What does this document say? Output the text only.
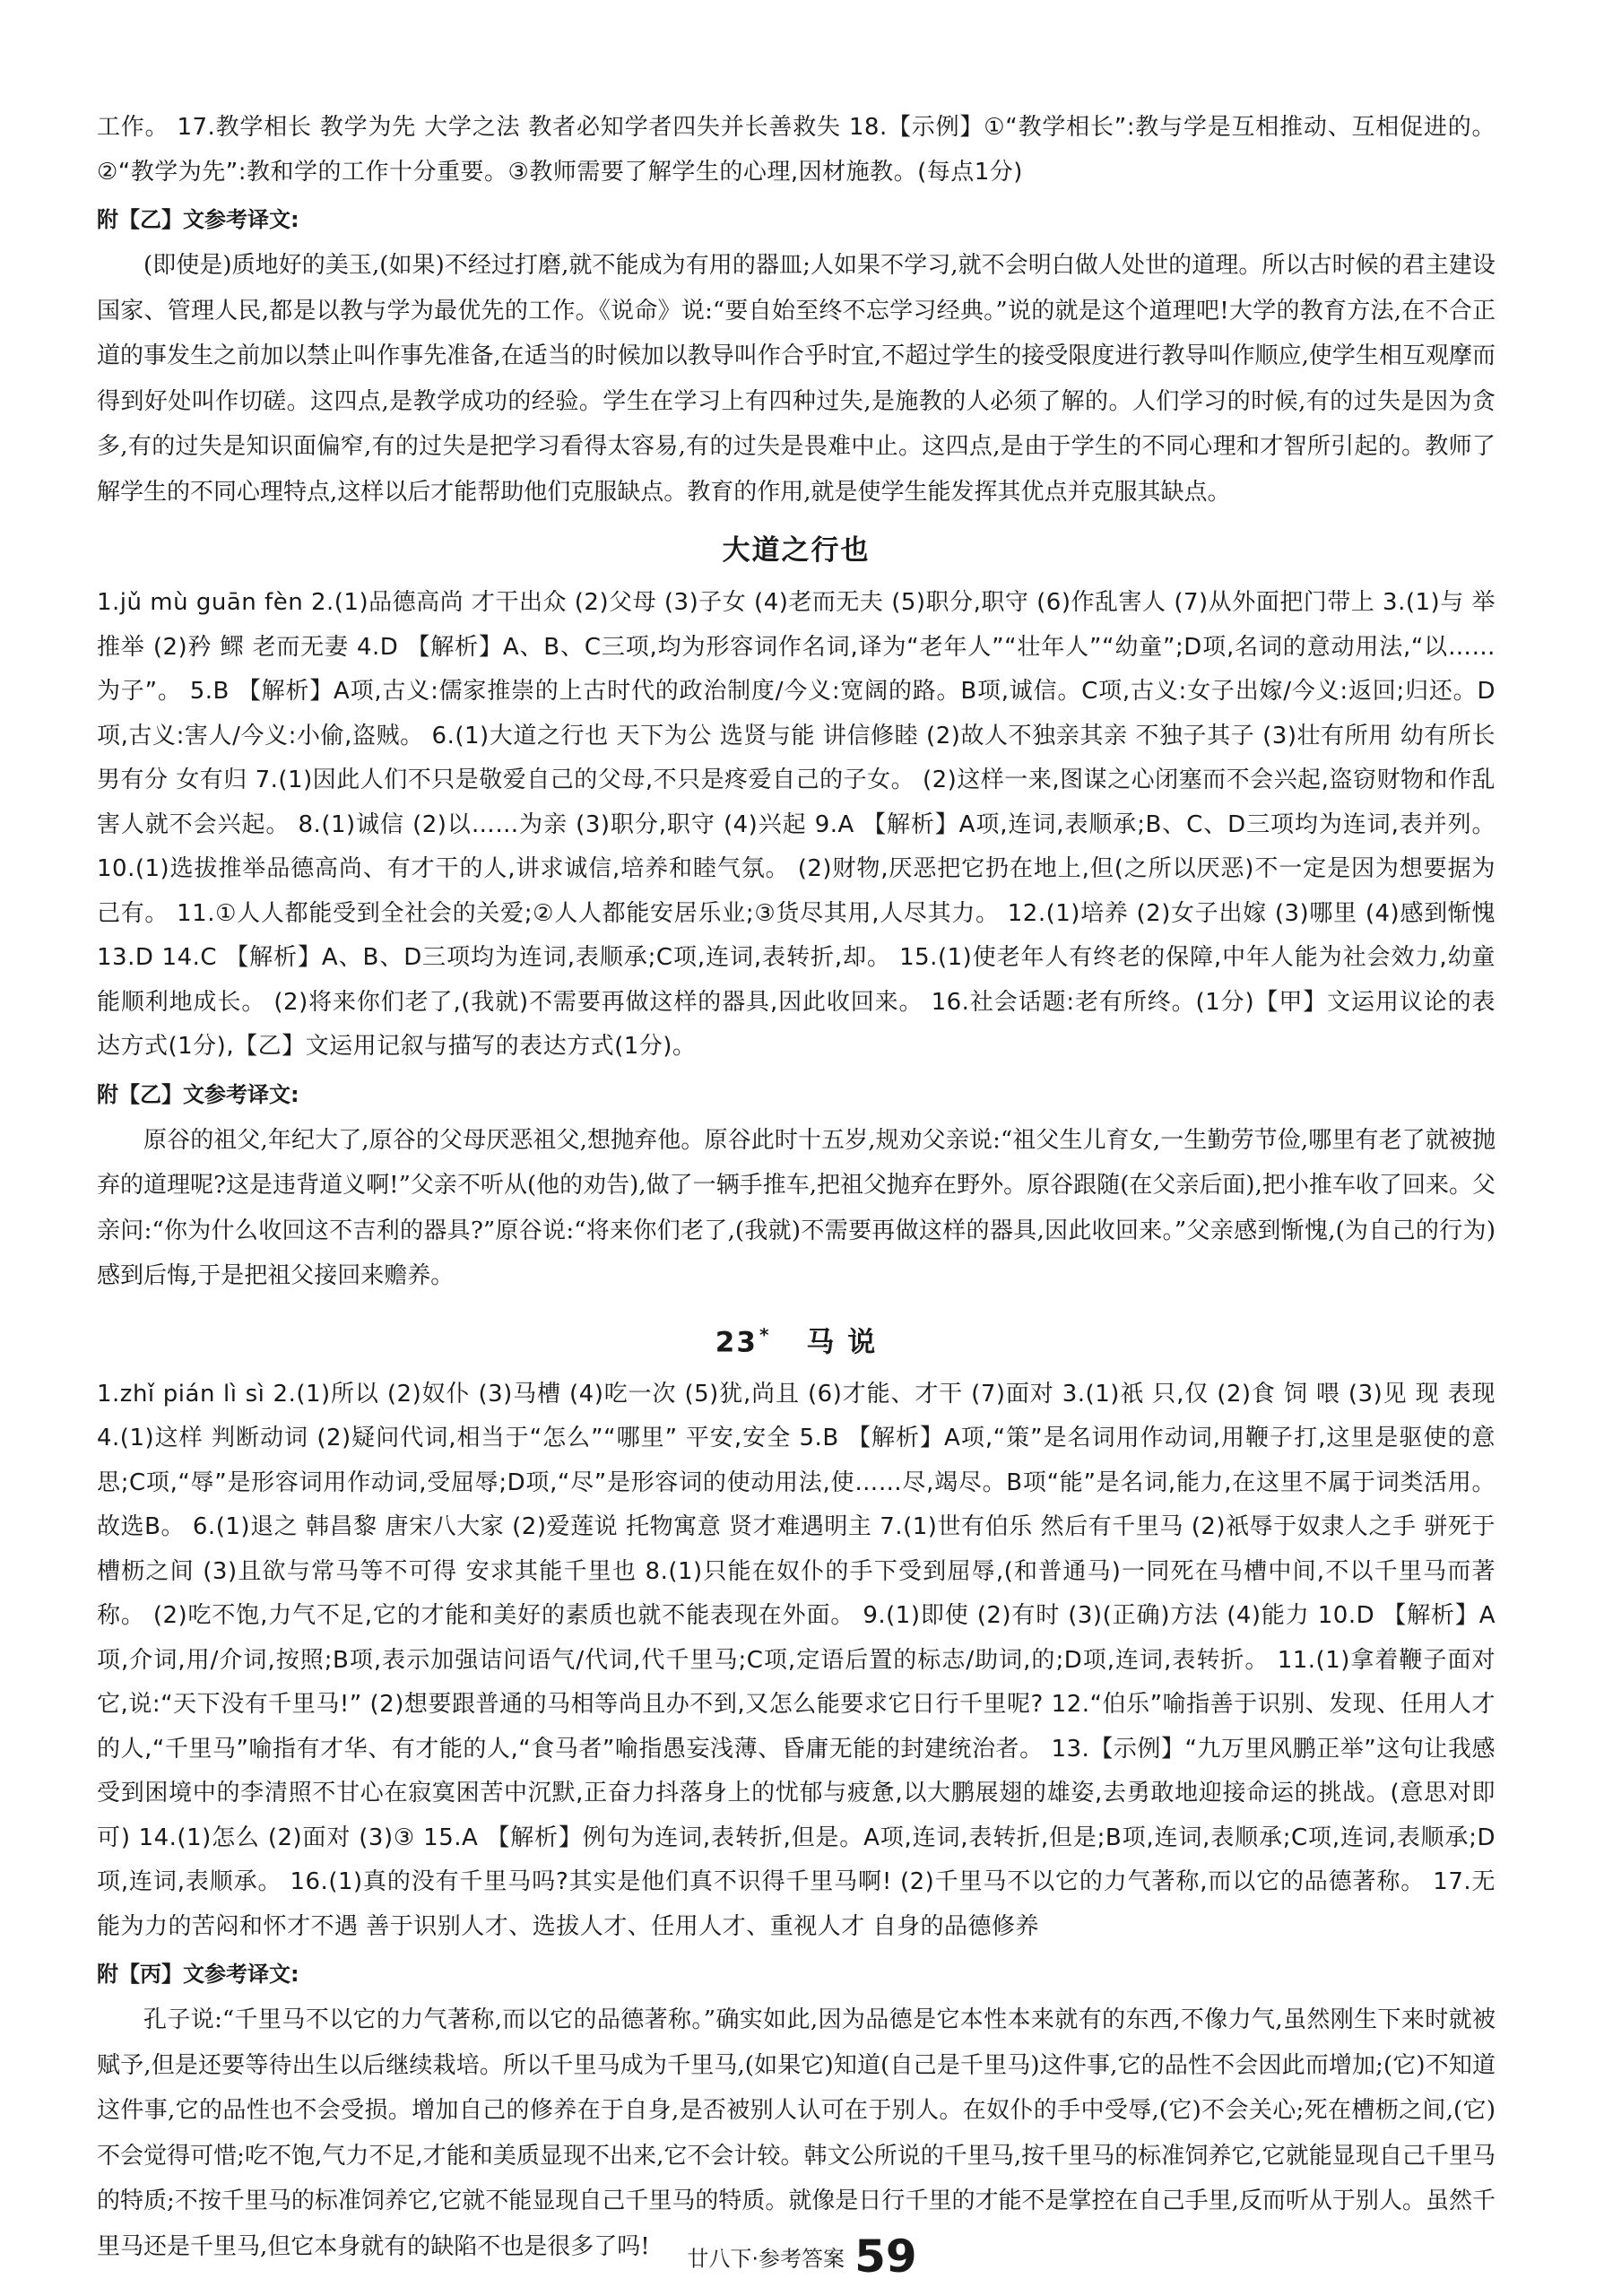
工作。 17.教学相长 教学为先 大学之法 教者必知学者四失并长善救失 18.【示例】①“教学相长”:教与学是互相推动、互相促进的。②“教学为先”:教和学的工作十分重要。③教师需要了解学生的心理,因材施教。(每点1分)

附【乙】文参考译文:

(即使是)质地好的美玉,(如果)不经过打磨,就不能成为有用的器皿;人如果不学习,就不会明白做人处世的道理。所以古时候的君主建设国家、管理人民,都是以教与学为最优先的工作。《说命》说:“要自始至终不忘学习经典。”说的就是这个道理吧!大学的教育方法,在不合正道的事发生之前加以禁止叫作事先准备,在适当的时候加以教导叫作合乎时宜,不超过学生的接受限度进行教导叫作顺应,使学生相互观摩而得到好处叫作切磋。这四点,是教学成功的经验。学生在学习上有四种过失,是施教的人必须了解的。人们学习的时候,有的过失是因为贪多,有的过失是知识面偏窄,有的过失是把学习看得太容易,有的过失是畏难中止。这四点,是由于学生的不同心理和才智所引起的。教师了解学生的不同心理特点,这样以后才能帮助他们克服缺点。教育的作用,就是使学生能发挥其优点并克服其缺点。

大道之行也

1.jǔ mù guān fèn 2.(1)品德高尚 才干出众 (2)父母 (3)子女 (4)老而无夫 (5)职分,职守 (6)作乱害人 (7)从外面把门带上 3.(1)与 举 推举 (2)矜 鳏 老而无妻 4.D 【解析】A、B、C三项,均为形容词作名词,译为“老年人”“壮年人”“幼童”;D项,名词的意动用法,“以……为子”。 5.B 【解析】A项,古义:儒家推崇的上古时代的政治制度/今义:宽阔的路。B项,诚信。C项,古义:女子出嫁/今义:返回;归还。D项,古义:害人/今义:小偷,盗贼。 6.(1)大道之行也 天下为公 选贤与能 讲信修睦 (2)故人不独亲其亲 不独子其子 (3)壮有所用 幼有所长 男有分 女有归 7.(1)因此人们不只是敬爱自己的父母,不只是疼爱自己的子女。 (2)这样一来,图谋之心闭塞而不会兴起,盗窃财物和作乱害人就不会兴起。 8.(1)诚信 (2)以……为亲 (3)职分,职守 (4)兴起 9.A 【解析】A项,连词,表顺承;B、C、D三项均为连词,表并列。 10.(1)选拔推举品德高尚、有才干的人,讲求诚信,培养和睦气氛。 (2)财物,厌恶把它扔在地上,但(之所以厌恶)不一定是因为想要据为己有。 11.①人人都能受到全社会的关爱;②人人都能安居乐业;③货尽其用,人尽其力。 12.(1)培养 (2)女子出嫁 (3)哪里 (4)感到惭愧 13.D 14.C 【解析】A、B、D三项均为连词,表顺承;C项,连词,表转折,却。 15.(1)使老年人有终老的保障,中年人能为社会效力,幼童能顺利地成长。 (2)将来你们老了,(我就)不需要再做这样的器具,因此收回来。 16.社会话题:老有所终。(1分)【甲】文运用议论的表达方式(1分),【乙】文运用记叙与描写的表达方式(1分)。

附【乙】文参考译文:

原谷的祖父,年纪大了,原谷的父母厌恶祖父,想抛弃他。原谷此时十五岁,规劝父亲说:“祖父生儿育女,一生勤劳节俭,哪里有老了就被抛弃的道理呢?这是违背道义啊!”父亲不听从(他的劝告),做了一辆手推车,把祖父抛弃在野外。原谷跟随(在父亲后面),把小推车收了回来。父亲问:“你为什么收回这不吉利的器具?”原谷说:“将来你们老了,(我就)不需要再做这样的器具,因此收回来。”父亲感到惭愧,(为自己的行为)感到后悔,于是把祖父接回来赡养。

23 * 马 说

1.zhǐ pián lì sì 2.(1)所以 (2)奴仆 (3)马槽 (4)吃一次 (5)犹,尚且 (6)才能、才干 (7)面对 3.(1)祇 只,仅 (2)食 饲 喂 (3)见 现 表现 4.(1)这样 判断动词 (2)疑问代词,相当于“怎么”“哪里” 平安,安全 5.B 【解析】A项,“策”是名词用作动词,用鞭子打,这里是驱使的意思;C项,“辱”是形容词用作动词,受屈辱;D项,“尽”是形容词的使动用法,使……尽,竭尽。B项“能”是名词,能力,在这里不属于词类活用。故选B。 6.(1)退之 韩昌黎 唐宋八大家 (2)爱莲说 托物寓意 贤才难遇明主 7.(1)世有伯乐 然后有千里马 (2)祇辱于奴隶人之手 骈死于槽枥之间 (3)且欲与常马等不可得 安求其能千里也 8.(1)只能在奴仆的手下受到屈辱,(和普通马)一同死在马槽中间,不以千里马而著称。 (2)吃不饱,力气不足,它的才能和美好的素质也就不能表现在外面。 9.(1)即使 (2)有时 (3)(正确)方法 (4)能力 10.D 【解析】A项,介词,用/介词,按照;B项,表示加强诘问语气/代词,代千里马;C项,定语后置的标志/助词,的;D项,连词,表转折。 11.(1)拿着鞭子面对它,说:“天下没有千里马!” (2)想要跟普通的马相等尚且办不到,又怎么能要求它日行千里呢? 12.“伯乐”喻指善于识别、发现、任用人才的人,“千里马”喻指有才华、有才能的人,“食马者”喻指愚妄浅薄、昏庸无能的封建统治者。 13.【示例】“九万里风鹏正举”这句让我感受到困境中的李清照不甘心在寂寞困苦中沉默,正奋力抖落身上的忧郁与疲惫,以大鹏展翅的雄姿,去勇敢地迎接命运的挑战。(意思对即可) 14.(1)怎么 (2)面对 (3)③ 15.A 【解析】例句为连词,表转折,但是。A项,连词,表转折,但是;B项,连词,表顺承;C项,连词,表顺承;D项,连词,表顺承。 16.(1)真的没有千里马吗?其实是他们真不识得千里马啊! (2)千里马不以它的力气著称,而以它的品德著称。 17.无能为力的苦闷和怀才不遇 善于识别人才、选拔人才、任用人才、重视人才 自身的品德修养

附【丙】文参考译文:

孔子说:“千里马不以它的力气著称,而以它的品德著称。”确实如此,因为品德是它本性本来就有的东西,不像力气,虽然刚生下来时就被赋予,但是还要等待出生以后继续栽培。所以千里马成为千里马,(如果它)知道(自己是千里马)这件事,它的品性不会因此而增加;(它)不知道这件事,它的品性也不会受损。增加自己的修养在于自身,是否被别人认可在于别人。在奴仆的手中受辱,(它)不会关心;死在槽枥之间,(它)不会觉得可惜;吃不饱,气力不足,才能和美质显现不出来,它不会计较。韩文公所说的千里马,按千里马的标准饲养它,它就能显现自己千里马的特质;不按千里马的标准饲养它,它就不能显现自己千里马的特质。就像是日行千里的才能不是掌控在自己手里,反而听从于别人。虽然千里马还是千里马,但它本身就有的缺陷不也是很多了吗!	廿八下·参考答案 59
